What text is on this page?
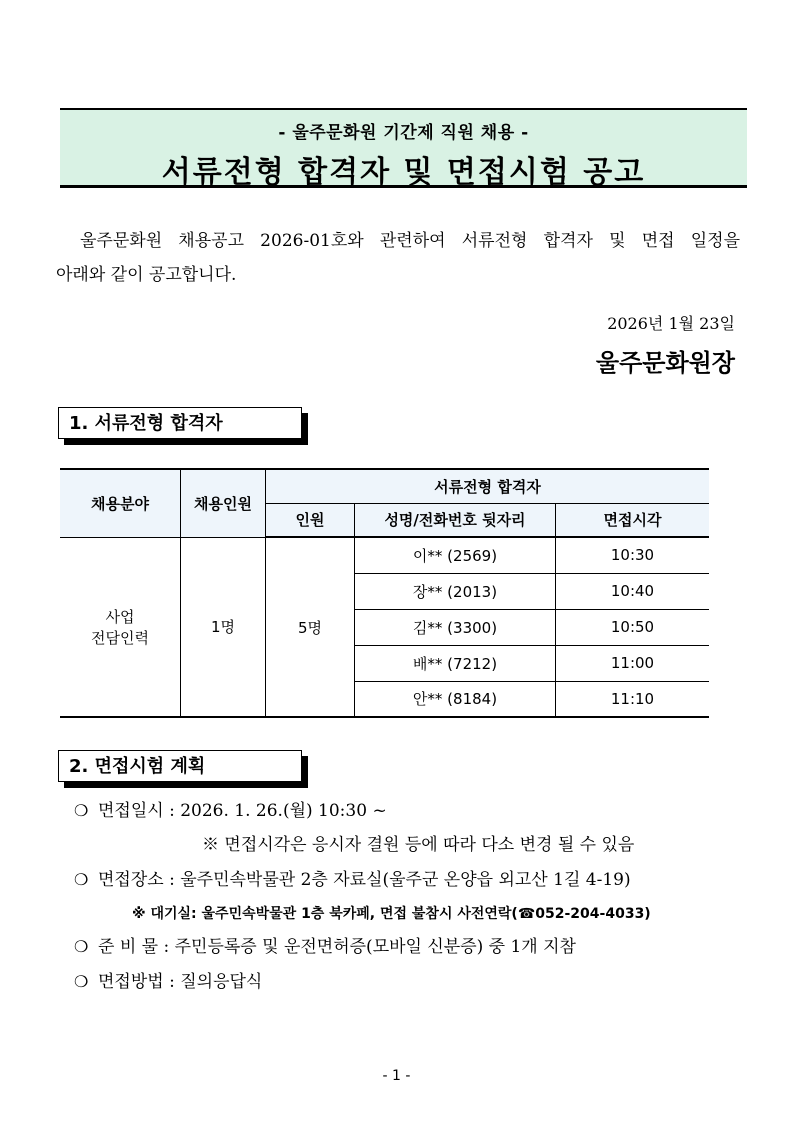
- 울주문화원 기간제 직원 채용 -
서류전형 합격자 및 면접시험 공고
울주문화원 채용공고 2026-01호와 관련하여 서류전형 합격자 및 면접 일정을
아래와 같이 공고합니다.
2026년 1월 23일
울주문화원장
1. 서류전형 합격자
채용분야	채용인원	서류전형 합격자		
		인원	성명/전화번호 뒷자리	면접시각

사업
전담인력	1명	5명	이** (2569)	10:30
			장** (2013)	10:40
			김** (3300)	10:50
			배** (7212)	11:00
			안** (8184)	11:10
2. 면접시험 계획
❍ 면접일시 : 2026. 1. 26.(월) 10:30 ~
※ 면접시각은 응시자 결원 등에 따라 다소 변경 될 수 있음
❍ 면접장소 : 울주민속박물관 2층 자료실(울주군 온양읍 외고산 1길 4-19)
※ 대기실: 울주민속박물관 1층 북카페, 면접 불참시 사전연락(☎052-204-4033)
❍ 준 비 물 : 주민등록증 및 운전면허증(모바일 신분증) 중 1개 지참
❍ 면접방법 : 질의응답식
- 1 -
